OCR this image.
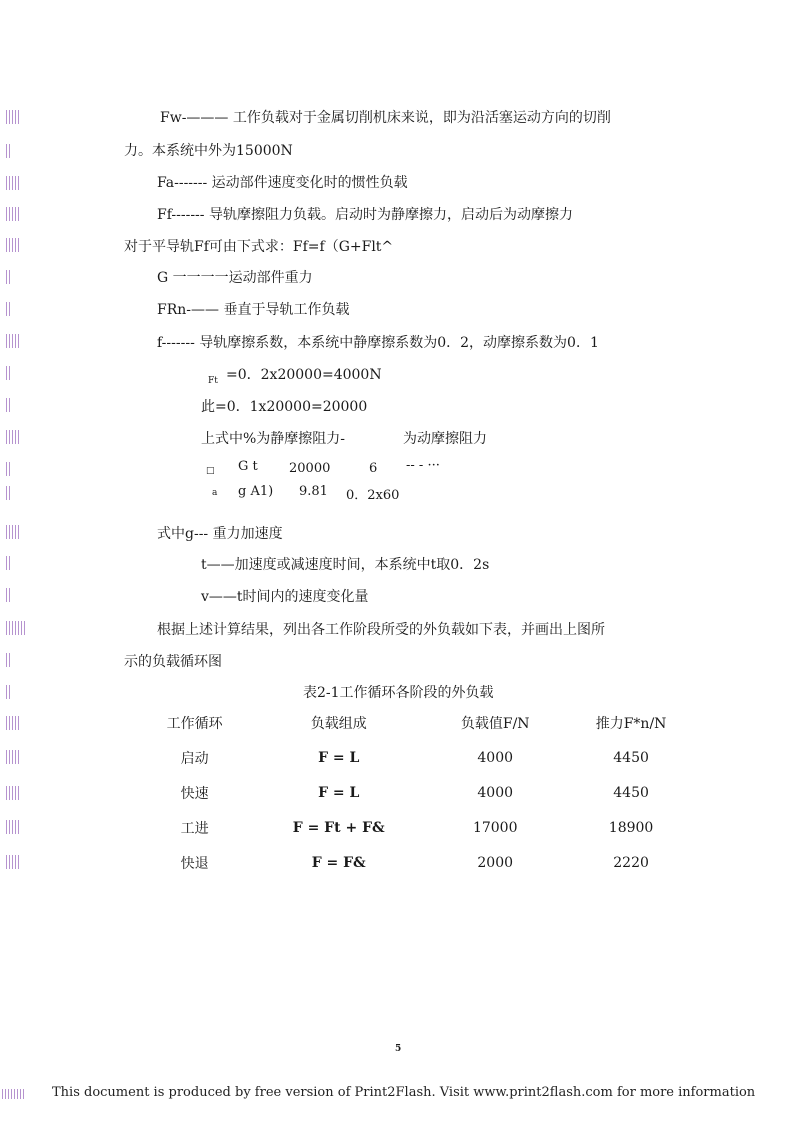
Fw-——— 工作负载对于金属切削机床来说，即为沿活塞运动方向的切削
力。本系统中外为15000N
Fa------- 运动部件速度变化时的惯性负载
Ff------- 导轨摩擦阻力负载。启动时为静摩擦力，启动后为动摩擦力
对于平导轨Ff可由下式求：Ff=f（G+Flt^
G 一一一一运动部件重力
FRn-—— 垂直于导轨工作负载
f------- 导轨摩擦系数，本系统中静摩擦系数为0．2，动摩擦系数为0．1
Ft =0．2x20000=4000N
此=0．1x20000=20000
上式中%为静摩擦阻力-	为动摩擦阻力
□ G t 20000	6 -- - ···
a g A1) 9.81 0．2x60
式中g--- 重力加速度
t——加速度或减速度时间，本系统中t取0．2s
v——t时间内的速度变化量
根据上述计算结果，列出各工作阶段所受的外负载如下表，并画出上图所
示的负载循环图
表2-1工作循环各阶段的外负载
工作循环	负载组成	负载值F/N	推力F*n/N
启动	F = L	4000	4450
快速	F = L	4000	4450
工进	F = Ft + F&	17000	18900
快退	F = F&	2000	2220
5
This document is produced by free version of Print2Flash. Visit www.print2flash.com for more information
